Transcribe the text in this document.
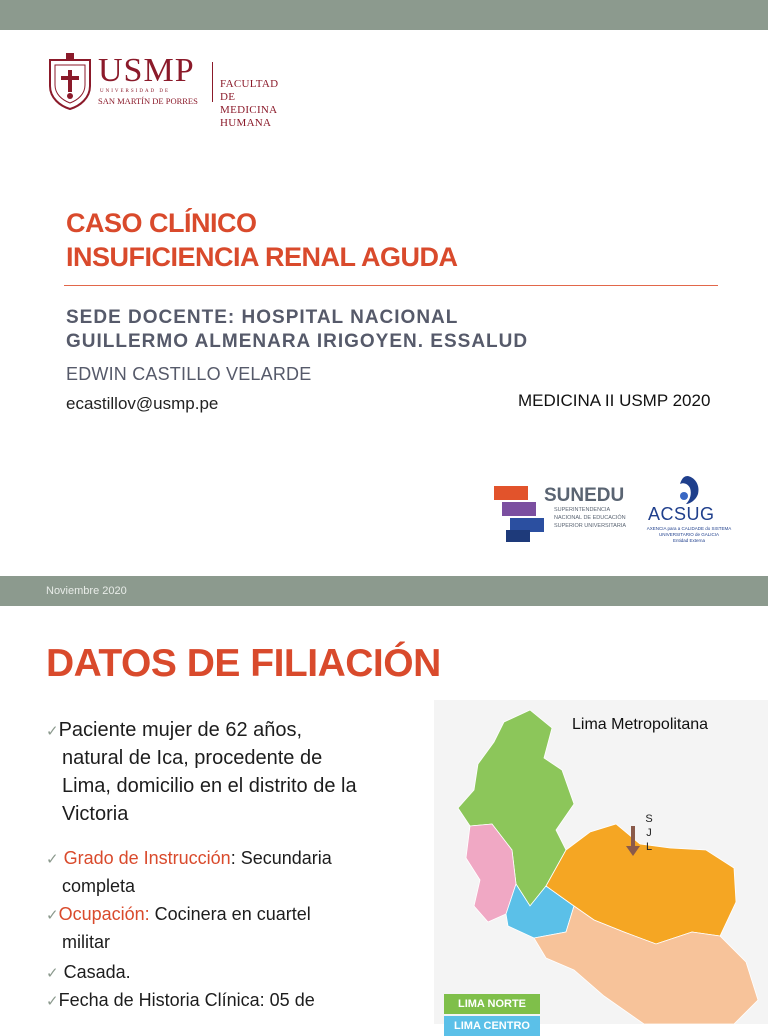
USMP
UNIVERSIDAD DE
SAN MARTÍN DE PORRES
FACULTAD DE
MEDICINA HUMANA
CASO CLÍNICO
INSUFICIENCIA RENAL AGUDA
SEDE DOCENTE: HOSPITAL NACIONAL
GUILLERMO ALMENARA IRIGOYEN. ESSALUD
EDWIN CASTILLO VELARDE
ecastillov@usmp.pe	MEDICINA II USMP 2020
SUNEDU
SUPERINTENDENCIA
NACIONAL DE EDUCACIÓN
SUPERIOR UNIVERSITARIA
ACSUG
AXENCIA para a CALIDADE do SISTEMA
UNIVERSITARIO de GALICIA
Entidad Externa
Noviembre 2020
DATOS DE FILIACIÓN
✓Paciente mujer de 62 años,
natural de Ica, procedente de
Lima, domicilio en el distrito de la
Victoria
✓ Grado de Instrucción: Secundaria
completa
✓Ocupación: Cocinera en cuartel
militar
✓ Casada.
✓Fecha de Historia Clínica: 05 de
Lima Metropolitana
S
J
L
LIMA NORTE
LIMA CENTRO
